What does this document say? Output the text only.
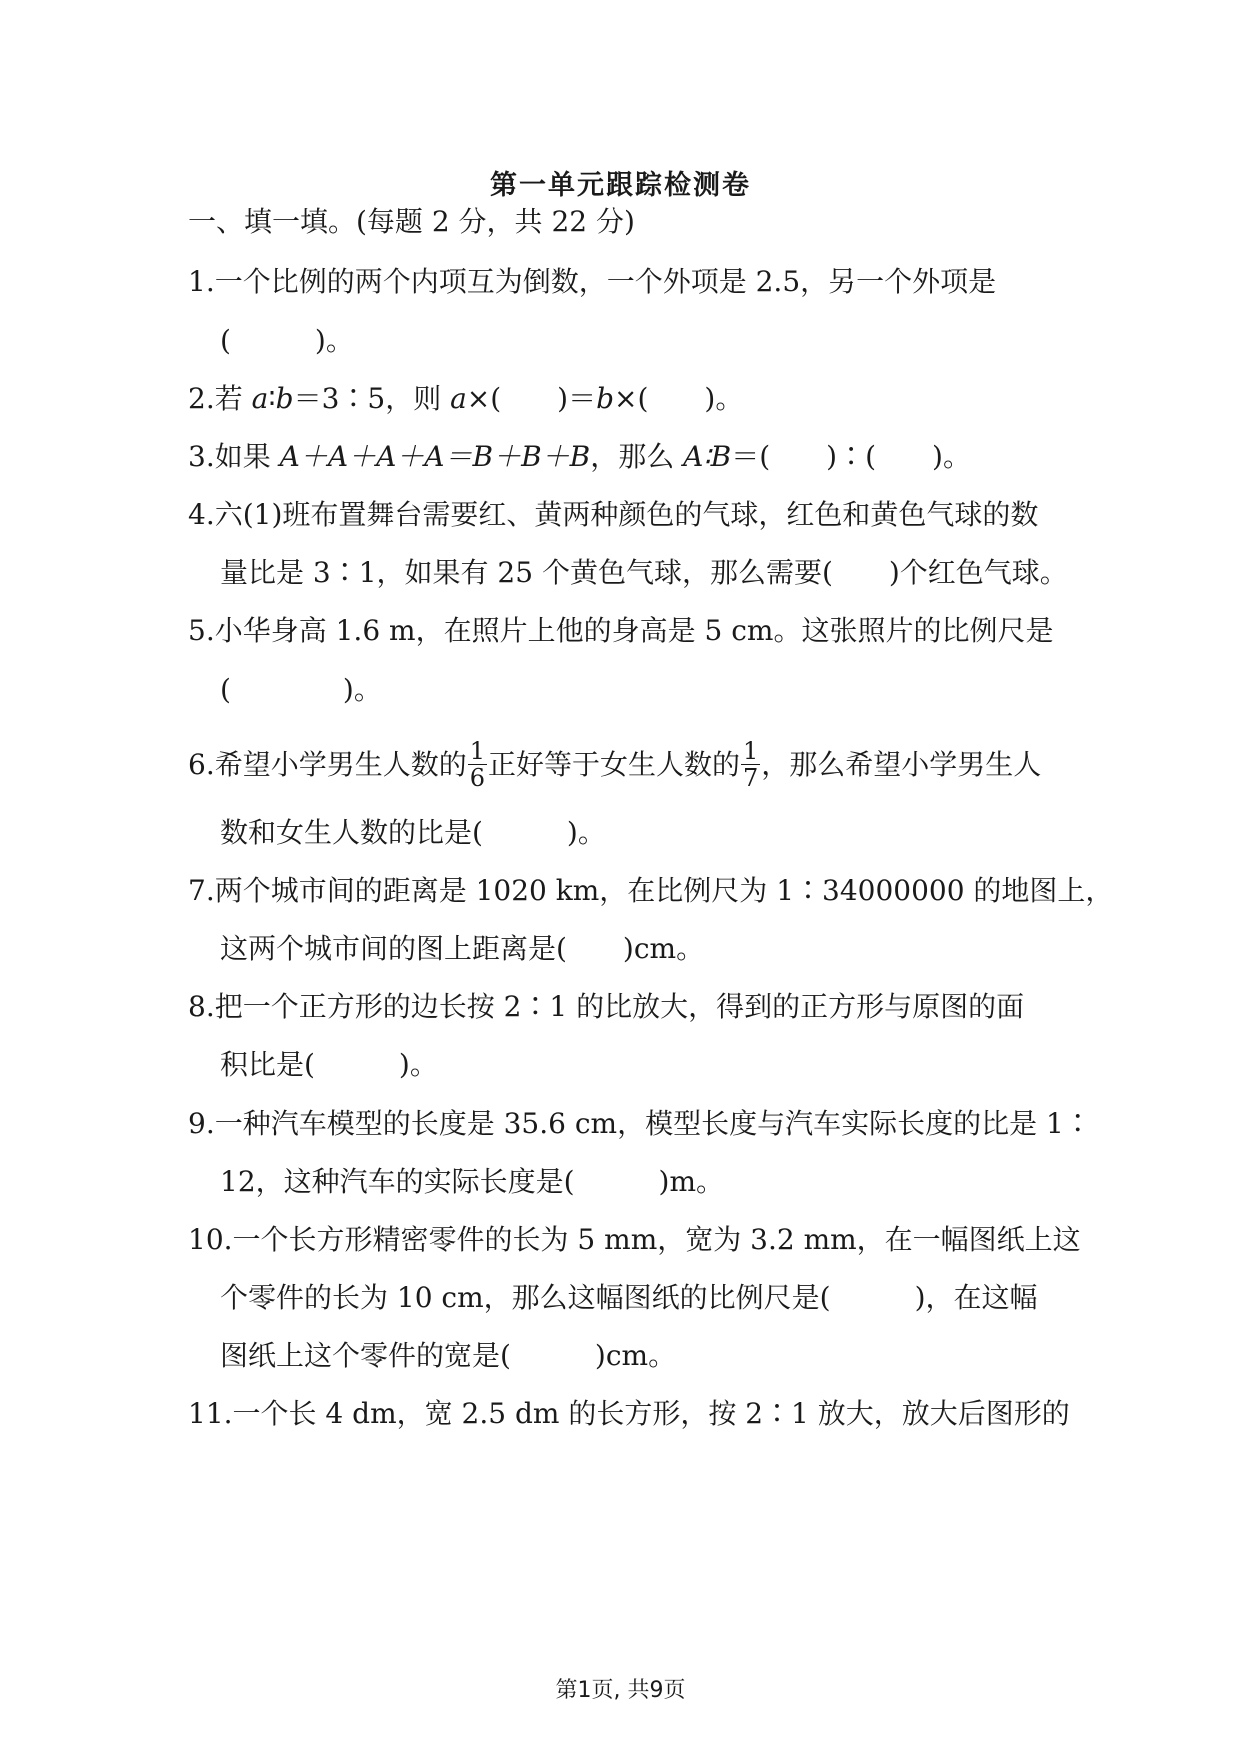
第一单元跟踪检测卷
一、填一填。(每题 2 分，共 22 分)
1.一个比例的两个内项互为倒数，一个外项是 2.5，另一个外项是
(　　　)。
2.若 a∶b＝3∶5，则 a×(　　)＝b×(　　)。
3.如果 A＋A＋A＋A＝B＋B＋B，那么 A∶B＝(　　)∶(　　)。
4.六(1)班布置舞台需要红、黄两种颜色的气球，红色和黄色气球的数
量比是 3∶1，如果有 25 个黄色气球，那么需要(　　)个红色气球。
5.小华身高 1.6 m，在照片上他的身高是 5 cm。这张照片的比例尺是
(　　　　)。
6.希望小学男生人数的 $\frac{1}{6}$ 正好等于女生人数的 $\frac{1}{7}$ ，那么希望小学男生人
数和女生人数的比是(　　　)。
7.两个城市间的距离是 1020 km，在比例尺为 1∶34000000 的地图上，
这两个城市间的图上距离是(　　)cm。
8.把一个正方形的边长按 2∶1 的比放大，得到的正方形与原图的面
积比是(　　　)。
9.一种汽车模型的长度是 35.6 cm，模型长度与汽车实际长度的比是 1∶
12，这种汽车的实际长度是(　　　)m。
10.一个长方形精密零件的长为 5 mm，宽为 3.2 mm，在一幅图纸上这
个零件的长为 10 cm，那么这幅图纸的比例尺是(　　　)，在这幅
图纸上这个零件的宽是(　　　)cm。
11.一个长 4 dm，宽 2.5 dm 的长方形，按 2∶1 放大，放大后图形的
第1页, 共9页
